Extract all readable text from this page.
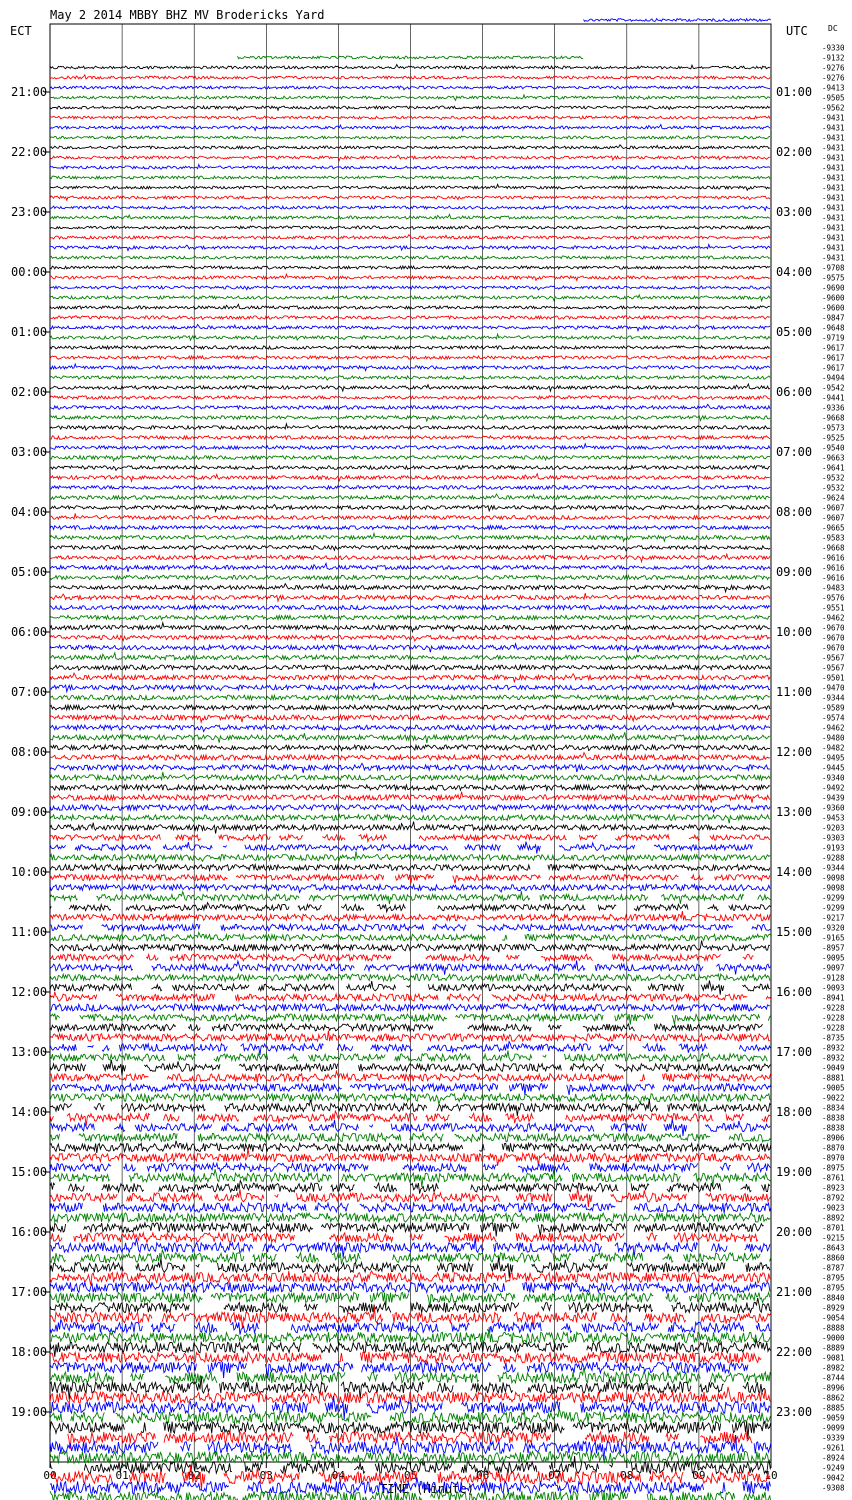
May 2 2014 MBBY BHZ MV Brodericks Yard
ECT	UTC	DC
TIME (Minute)
00	01	02	03	04	05	06	07	08	09	10
21:00
22:00
23:00
00:00
01:00
02:00
03:00
04:00
05:00
06:00
07:00
08:00
09:00
10:00
11:00
12:00
13:00
14:00
15:00
16:00
17:00
18:00
19:00
01:00
02:00
03:00
04:00
05:00
06:00
07:00
08:00
09:00
10:00
11:00
12:00
13:00
14:00
15:00
16:00
17:00
18:00
19:00
20:00
21:00
22:00
23:00
-9330
-9132
-9276
-9276
-9413
-9505
-9562
-9431
-9431
-9431
-9431
-9431
-9431
-9431
-9431
-9431
-9431
-9431
-9431
-9431
-9431
-9431
-9708
-9575
-9690
-9600
-9600
-9847
-9648
-9719
-9617
-9617
-9617
-9494
-9542
-9441
-9336
-9668
-9573
-9525
-9540
-9663
-9641
-9532
-9532
-9624
-9607
-9607
-9665
-9583
-9668
-9616
-9616
-9616
-9483
-9576
-9551
-9462
-9670
-9670
-9670
-9567
-9567
-9501
-9470
-9344
-9589
-9574
-9462
-9480
-9482
-9495
-9445
-9340
-9492
-9439
-9360
-9453
-9203
-9303
-9193
-9288
-9344
-9098
-9098
-9299
-9299
-9217
-9320
-9165
-8957
-9095
-9097
-9128
-9093
-8941
-9228
-9228
-9228
-8735
-8932
-8932
-9049
-8881
-9005
-9022
-8834
-8838
-8838
-8906
-8870
-8970
-8975
-8761
-8923
-8792
-9023
-8892
-8701
-9215
-8643
-8860
-8787
-8795
-8795
-8840
-8929
-9054
-8888
-9000
-8889
-9081
-8982
-8744
-8996
-8862
-8885
-9059
-9099
-9339
-9261
-8924
-9249
-9042
-9308
